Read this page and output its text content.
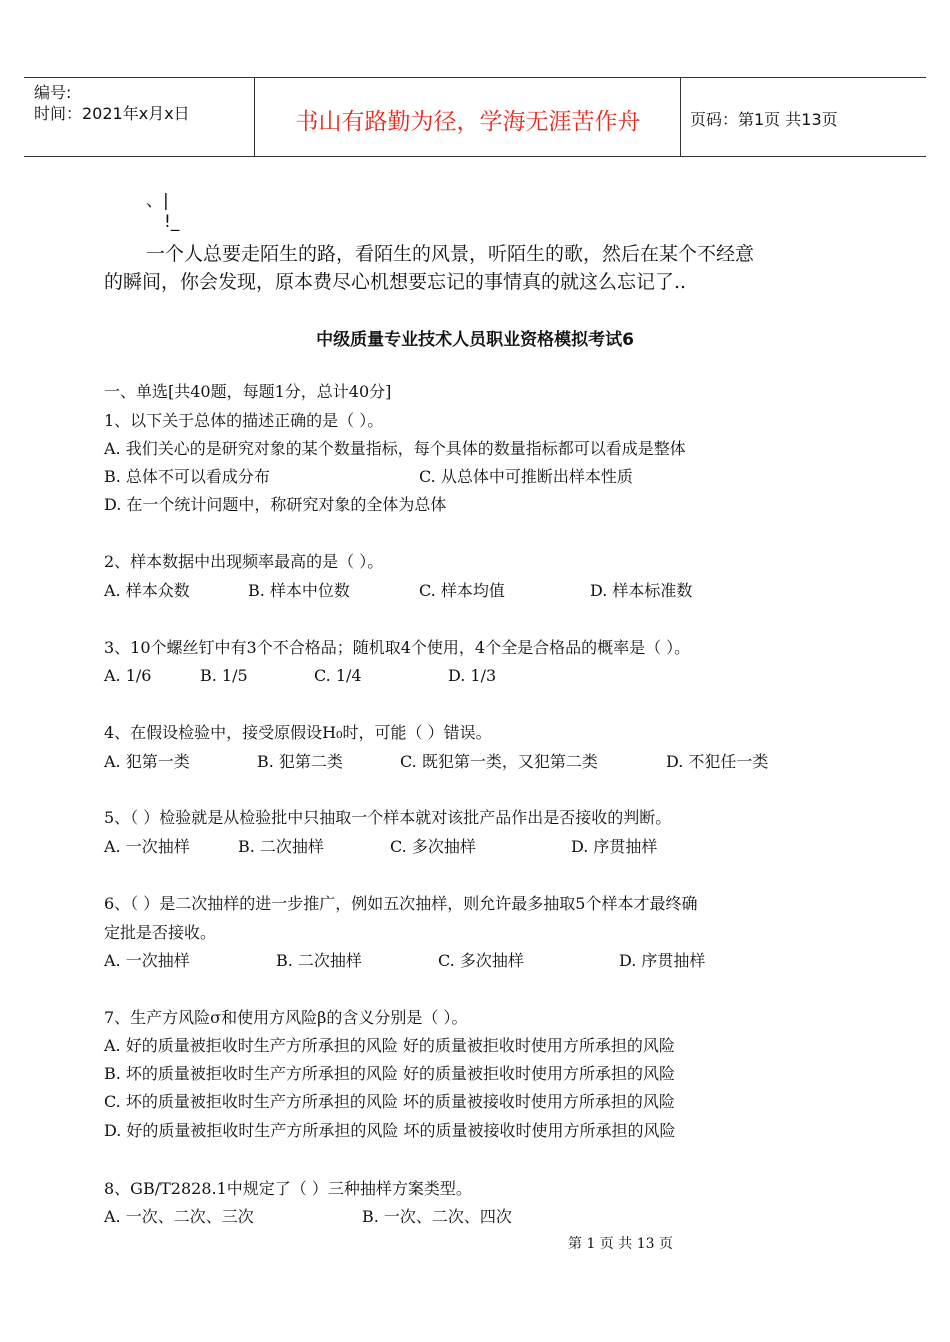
编号:
时间：2021年x月x日	书山有路勤为径，学海无涯苦作舟	页码：第1页 共13页
、|
!_

一个人总要走陌生的路，看陌生的风景，听陌生的歌，然后在某个不经意

的瞬间，你会发现，原本费尽心机想要忘记的事情真的就这么忘记了..

中级质量专业技术人员职业资格模拟考试6
一、单选[共40题，每题1分，总计40分]
1、以下关于总体的描述正确的是（ ）。
A. 我们关心的是研究对象的某个数量指标，每个具体的数量指标都可以看成是整体
B. 总体不可以看成分布	C. 从总体中可推断出样本性质
D. 在一个统计问题中，称研究对象的全体为总体
2、样本数据中出现频率最高的是（ ）。
A. 样本众数	B. 样本中位数	C. 样本均值	D. 样本标准数
3、10个螺丝钉中有3个不合格品；随机取4个使用，4个全是合格品的概率是（ ）。
A. 1/6	B. 1/5	C. 1/4	D. 1/3
4、在假设检验中，接受原假设H₀时，可能（ ）错误。
A. 犯第一类	B. 犯第二类	C. 既犯第一类，又犯第二类	D. 不犯任一类
5、（ ）检验就是从检验批中只抽取一个样本就对该批产品作出是否接收的判断。
A. 一次抽样	B. 二次抽样	C. 多次抽样	D. 序贯抽样
6、（ ）是二次抽样的进一步推广，例如五次抽样，则允许最多抽取5个样本才最终确
定批是否接收。
A. 一次抽样	B. 二次抽样	C. 多次抽样	D. 序贯抽样
7、生产方风险σ和使用方风险β的含义分别是（ ）。
A. 好的质量被拒收时生产方所承担的风险 好的质量被拒收时使用方所承担的风险
B. 坏的质量被拒收时生产方所承担的风险 好的质量被拒收时使用方所承担的风险
C. 坏的质量被拒收时生产方所承担的风险 坏的质量被接收时使用方所承担的风险
D. 好的质量被拒收时生产方所承担的风险 坏的质量被接收时使用方所承担的风险
8、GB/T2828.1中规定了（ ）三种抽样方案类型。
A. 一次、二次、三次	B. 一次、二次、四次
第 1 页 共 13 页
